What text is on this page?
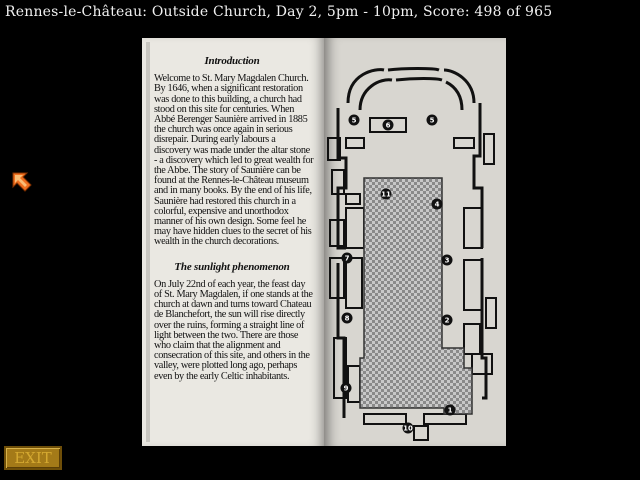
Rennes-le-Château: Outside Church, Day 2, 5pm - 10pm, Score: 498 of 965
EXIT
Introduction
Welcome to St. Mary Magdalen Church. By 1646, when a significant restoration was done to this building, a church had stood on this site for centuries. When Abbé Berenger Saunière arrived in 1885 the church was once again in serious disrepair. During early labours a discovery was made under the altar stone - a discovery which led to great wealth for the Abbe. The story of Saunière can be found at the Rennes-le-Château museum and in many books. By the end of his life, Saunière had restored this church in a colorful, expensive and unorthodox manner of his own design. Some feel he may have hidden clues to the secret of his wealth in the church decorations.
The sunlight phenomenon
On July 22nd of each year, the feast day of St. Mary Magdalen, if one stands at the church at dawn and turns toward Chateau de Blanchefort, the sun will rise directly over the ruins, forming a straight line of light between the two. There are those who claim that the alignment and consecration of this site, and others in the valley, were plotted long ago, perhaps even by the early Celtic inhabitants.
5
6
5
11
4
7	3
8	2
9
1
10
